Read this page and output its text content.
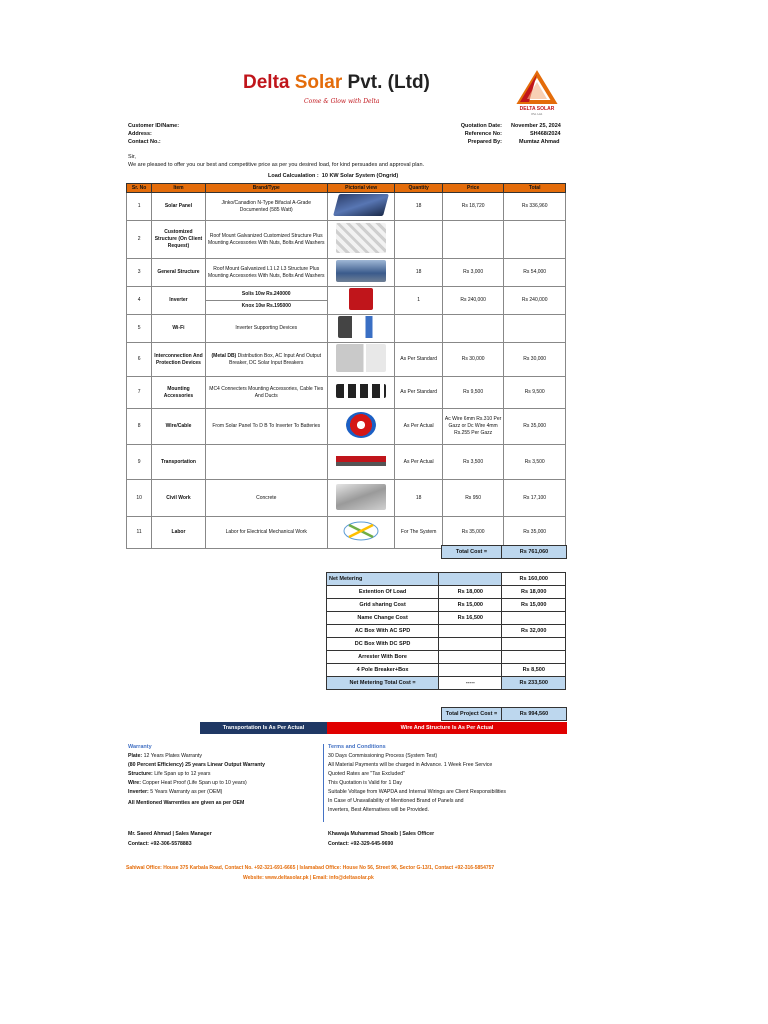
Delta Solar Pvt. (Ltd)
Come & Glow with Delta
DELTA SOLAR
Pvt. Ltd.
Customer ID/Name:
Address:
Contact No.:
Quotation Date: November 25, 2024
Reference No:	SH468/2024
Prepared By:	Mumtaz Ahmad
Sir,
We are pleased to offer you our best and competitive price as per you desired load, for kind persuades and approval plan.
Load Calcualation : 10 KW Solar System (Ongrid)
Sr. No	Item	Brand/Type	Pictorial view	Quantity	Price	Total
1	Solar Panel	Jinko/Canadion N-Type Bifacial A-Grade Documented (585 Watt)		18	Rs 18,720	Rs 336,960
2	Customized Structure (On Client Request)	Roof Mount Galvanized Customized Structure Plus Mounting Accessories With Nuts, Bolts And Washers				
3	General Structure	Roof Mount Galvanized L1 L2 L3 Structure Plus Mounting Accessories With Nuts, Bolts And Washers		18	Rs 3,000	Rs 54,000
4	Inverter	Solis 10w Rs.240000
Knox 10w Rs.195000		1	Rs 240,000	Rs 240,000
5	Wi-Fi	Inverter Supporting Devices				
6	Interconnection And Protection Devices	(Metal DB) Distribution Box, AC Input And Output Breaker, DC Solar Input Breakers		As Per Standard	Rs 30,000	Rs 30,000
7	Mounting Accessories	MC4 Connecters Mounting Accessories, Cable Ties And Ducts		As Per Standard	Rs 9,500	Rs 9,500
8	Wire/Cable	From Solar Panel To D B To Inverter To Batteries		As Per Actual	Ac Wire 6mm Rs.310 Per Gazz or Dc Wire 4mm Rs.255 Per Gazz	Rs 35,000
9	Transportation			As Per Actual	Rs 3,500	Rs 3,500
10	Civil Work	Concrete		18	Rs 950	Rs 17,100
11	Labor	Labor for Electrical Mechanical Work		For The System	Rs 35,000	Rs 35,000
Total Cost =	Rs 761,060
Net Metering		Rs 160,000
Extention Of Load	Rs 18,000	Rs 18,000
Grid sharing Cost	Rs 15,000	Rs 15,000
Name Change Cost	Rs 16,500	
AC Box With AC SPD		Rs 32,000
DC Box With DC SPD		
Arrester With Bore		
4 Pole Breaker+Box		Rs 8,500
Net Metering Total Cost =	-----	Rs 233,500
Total Project Cost =	Rs 994,560
Transportation Is As Per Actual	Wire And Structure Is As Per Actual
Warranty
Plate: 12 Years Plates Warranty
(80 Percent Efficiency) 25 years Linear Output Warranty
Structure: Life Span up to 12 years
Wire: Copper Heat Proof (Life Span up to 10 years)
Inverter: 5 Years Warranty as per (OEM)
All Mentioned Warrenties are given as per OEM
Terms and Conditions
30 Days Commissioning Process (System Test)
All Material Payments will be charged in Advance. 1 Week Free Service
Quoted Rates are "Tax Excluded"
This Quotation is Valid for 1 Day
Suitable Voltage from WAPDA and Internal Wirings are Client Responsibilities
In Case of Unavailability of Mentioned Brand of Panels and
Inverters, Best Alternatives will be Provided.
Mr. Saeed Ahmad | Sales Manager
Contact: +92-306-5578883
Khawaja Muhammad Shoaib | Sales Officer
Contact: +92-329-645-9690
Sahiwal Office: House 375 Karbala Road, Contact No. +92-321-691-6665 | Islamabad Office: House No 56, Street 96, Sector G-13/1, Contact +92-316-5854757
Website: www.deltasolar.pk | Email: info@deltasolar.pk
